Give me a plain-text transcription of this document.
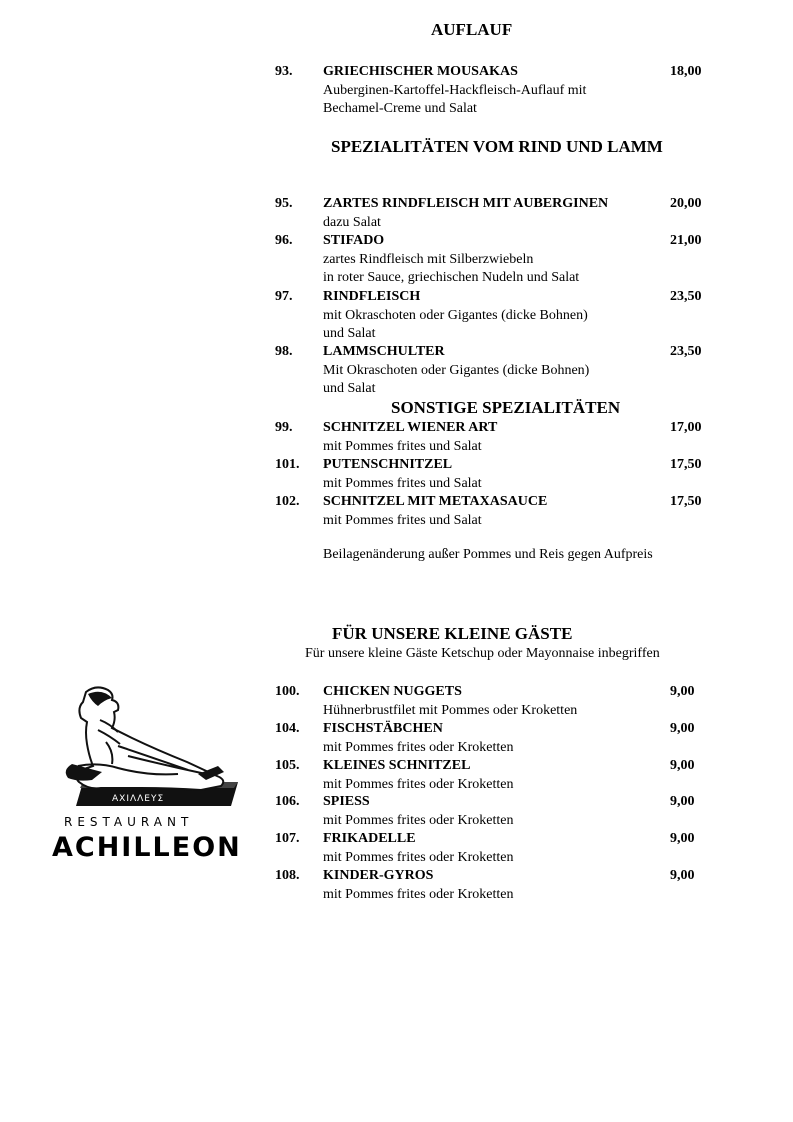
AUFLAUF
SPEZIALITÄTEN VOM RIND UND LAMM
SONSTIGE SPEZIALITÄTEN
FÜR UNSERE KLEINE GÄSTE
Beilagenänderung außer Pommes und Reis gegen Aufpreis
Für unsere kleine Gäste Ketschup oder Mayonnaise inbegriffen
93. GRIECHISCHER MOUSAKAS	18,00
Auberginen-Kartoffel-Hackfleisch-Auflauf mit
Bechamel-Creme und Salat
95. ZARTES RINDFLEISCH MIT AUBERGINEN	20,00
dazu Salat
96. STIFADO	21,00
zartes Rindfleisch mit Silberzwiebeln
in roter Sauce, griechischen Nudeln und Salat
97. RINDFLEISCH	23,50
mit Okraschoten oder Gigantes (dicke Bohnen)
und Salat
98. LAMMSCHULTER	23,50
Mit Okraschoten oder Gigantes (dicke Bohnen)
und Salat
99. SCHNITZEL WIENER ART	17,00
mit Pommes frites und Salat
101. PUTENSCHNITZEL	17,50
mit Pommes frites und Salat
102. SCHNITZEL MIT METAXASAUCE	17,50
mit Pommes frites und Salat
100. CHICKEN NUGGETS	9,00
Hühnerbrustfilet mit Pommes oder Kroketten
104. FISCHSTÄBCHEN	9,00
mit Pommes frites oder Kroketten
105. KLEINES SCHNITZEL	9,00
mit Pommes frites oder Kroketten
106. SPIESS	9,00
mit Pommes frites oder Kroketten
107. FRIKADELLE	9,00
mit Pommes frites oder Kroketten
108. KINDER-GYROS	9,00
mit Pommes frites oder Kroketten
ΑΧΙΛΛΕΥΣ
RESTAURANT
ACHILLEON
